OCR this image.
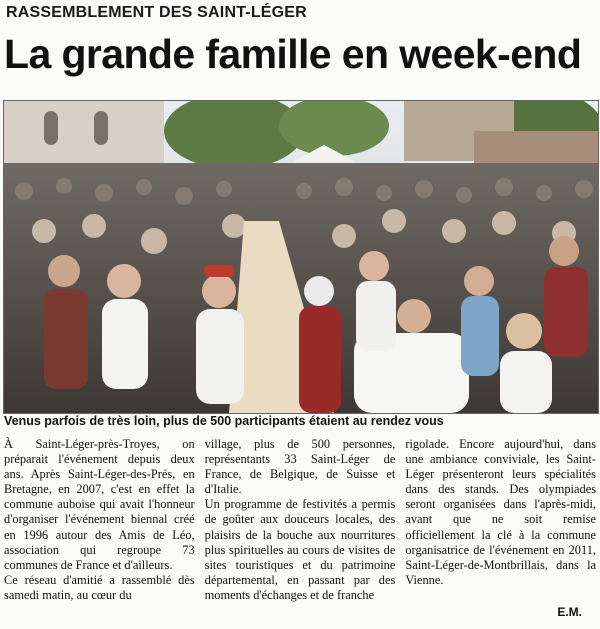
RASSEMBLEMENT DES SAINT-LÉGER
La grande famille en week-end
Venus parfois de très loin, plus de 500 participants étaient au rendez vous

À Saint-Léger-près-Troyes, on préparait l'événement depuis deux ans. Après Saint-Léger-des-Prés, en Bretagne, en 2007, c'est en effet la commune auboise qui avait l'honneur d'organiser l'événement biennal créé en 1996 autour des Amis de Léo, association qui regroupe 73 communes de France et d'ailleurs.

Ce réseau d'amitié a rassemblé dès samedi matin, au cœur du

village, plus de 500 personnes, représentants 33 Saint-Léger de France, de Belgique, de Suisse et d'Italie.

Un programme de festivités a permis de goûter aux douceurs locales, des plaisirs de la bouche aux nourritures plus spirituelles au cours de visites de sites touristiques et du patrimoine départemental, en passant par des moments d'échanges et de franche

rigolade. Encore aujourd'hui, dans une ambiance conviviale, les Saint-Léger présenteront leurs spécialités dans des stands. Des olympiades seront organisées dans l'après-midi, avant que ne soit remise officiellement la clé à la commune organisatrice de l'événement en 2011, Saint-Léger-de-Montbrillais, dans la Vienne.

E.M.
